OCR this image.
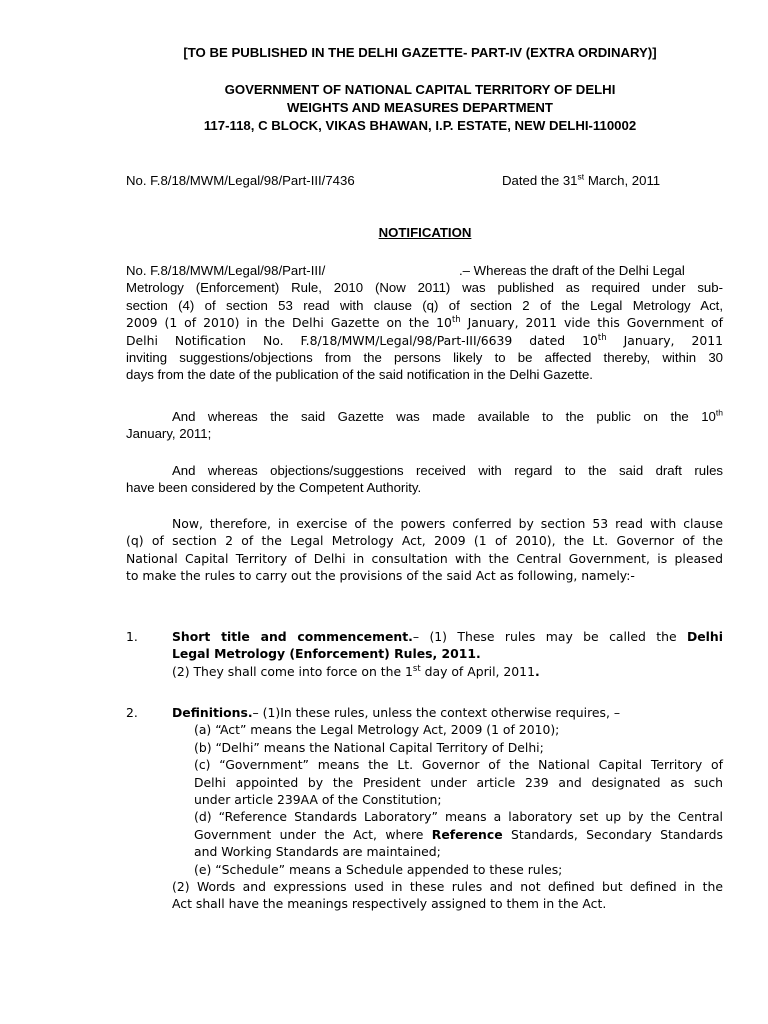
[TO BE PUBLISHED IN THE DELHI GAZETTE- PART-IV (EXTRA ORDINARY)]
GOVERNMENT OF NATIONAL CAPITAL TERRITORY OF DELHI
WEIGHTS AND MEASURES DEPARTMENT
117-118, C BLOCK, VIKAS BHAWAN, I.P. ESTATE, NEW DELHI-110002
No. F.8/18/MWM/Legal/98/Part-III/7436	Dated the 31st March, 2011
NOTIFICATION
No. F.8/18/MWM/Legal/98/Part-III/	.– Whereas the draft of the Delhi Legal
Metrology (Enforcement) Rule, 2010 (Now 2011) was published as required under sub-
section (4) of section 53 read with clause (q) of section 2 of the Legal Metrology Act,
2009 (1 of 2010) in the Delhi Gazette on the 10th January, 2011 vide this Government of
Delhi Notification No. F.8/18/MWM/Legal/98/Part-III/6639 dated 10th January, 2011
inviting suggestions/objections from the persons likely to be affected thereby, within 30
days from the date of the publication of the said notification in the Delhi Gazette.
And whereas the said Gazette was made available to the public on the 10th
January, 2011;
And whereas objections/suggestions received with regard to the said draft rules
have been considered by the Competent Authority.
Now, therefore, in exercise of the powers conferred by section 53 read with clause
(q) of section 2 of the Legal Metrology Act, 2009 (1 of 2010), the Lt. Governor of the
National Capital Territory of Delhi in consultation with the Central Government, is pleased
to make the rules to carry out the provisions of the said Act as following, namely:-
1.	Short title and commencement.– (1) These rules may be called the Delhi
Legal Metrology (Enforcement) Rules, 2011.
(2) They shall come into force on the 1st day of April, 2011.
2.	Definitions.– (1)In these rules, unless the context otherwise requires, –
(a) “Act” means the Legal Metrology Act, 2009 (1 of 2010);
(b) “Delhi” means the National Capital Territory of Delhi;
(c) “Government” means the Lt. Governor of the National Capital Territory of
Delhi appointed by the President under article 239 and designated as such
under article 239AA of the Constitution;
(d) “Reference Standards Laboratory” means a laboratory set up by the Central
Government under the Act, where Reference Standards, Secondary Standards
and Working Standards are maintained;
(e) “Schedule” means a Schedule appended to these rules;
(2) Words and expressions used in these rules and not defined but defined in the
Act shall have the meanings respectively assigned to them in the Act.
